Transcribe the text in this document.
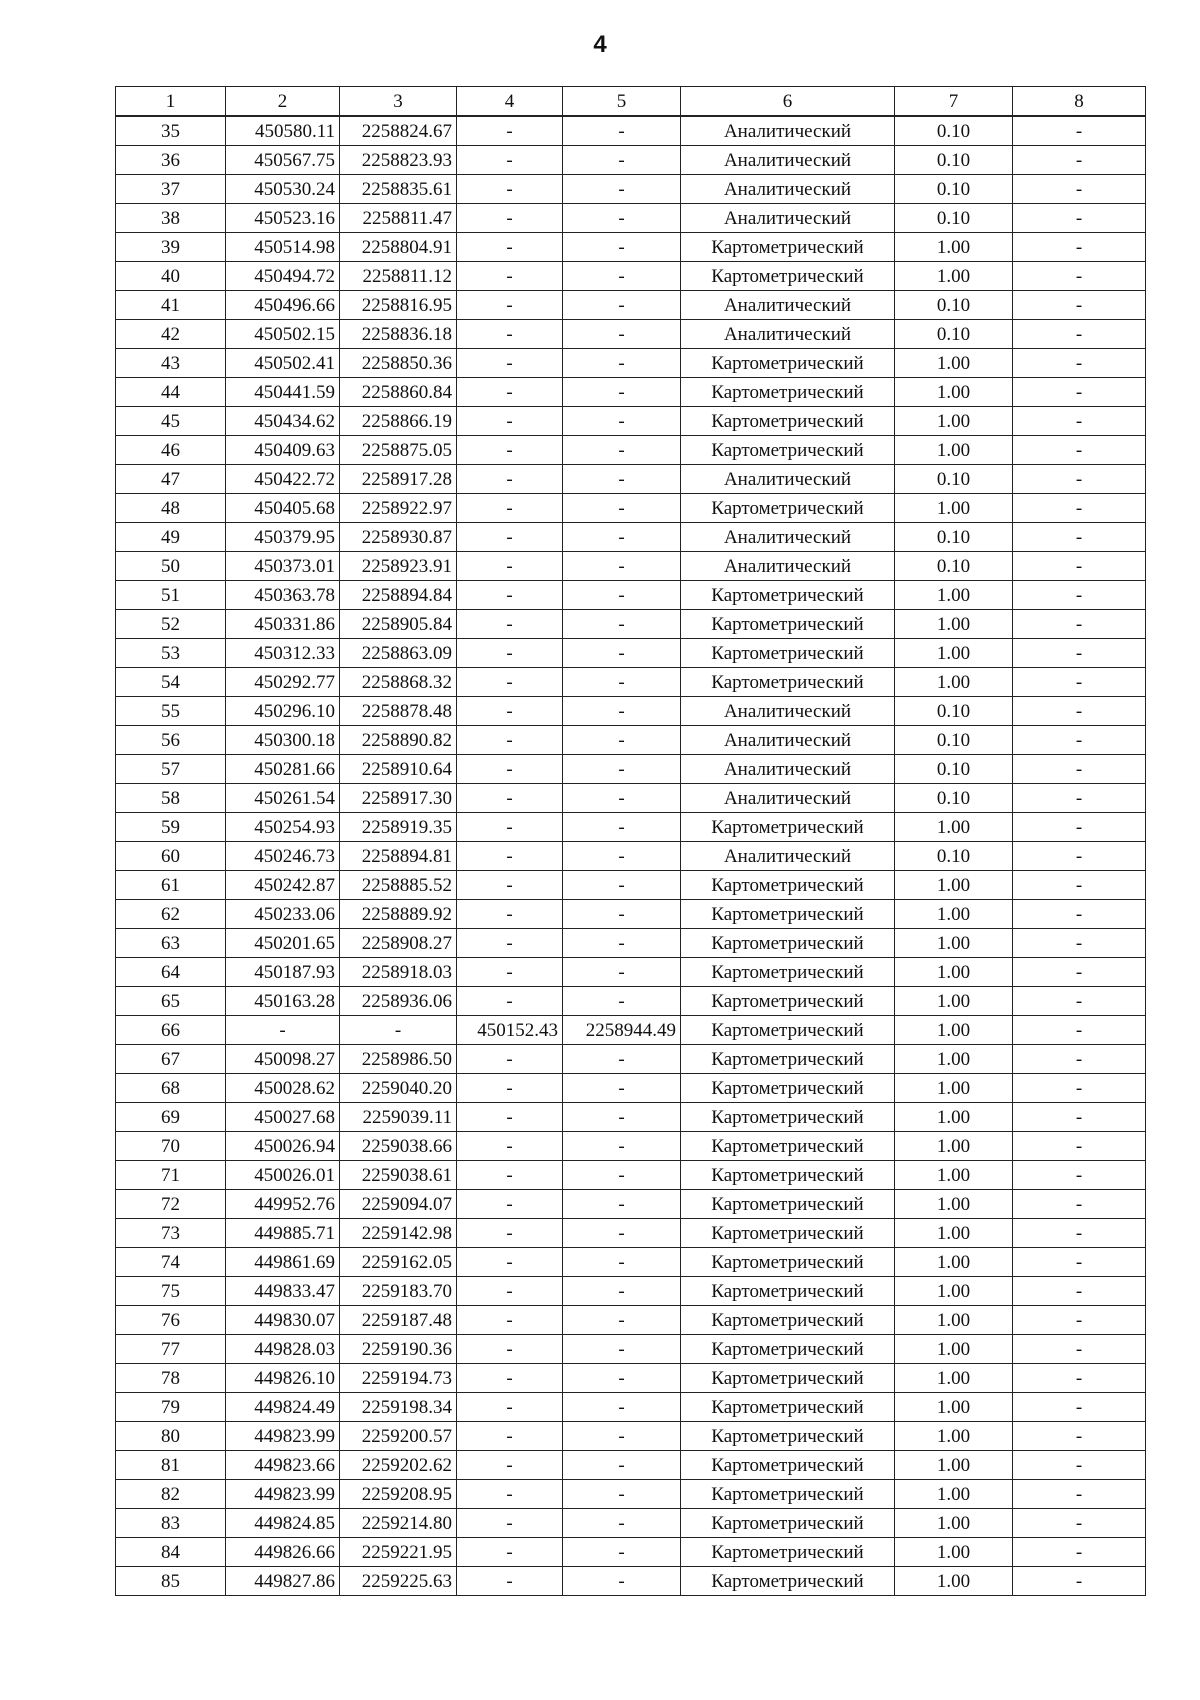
4
1	2	3	4	5	6	7	8
35	450580.11	2258824.67	-	-	Аналитический	0.10	-
36	450567.75	2258823.93	-	-	Аналитический	0.10	-
37	450530.24	2258835.61	-	-	Аналитический	0.10	-
38	450523.16	2258811.47	-	-	Аналитический	0.10	-
39	450514.98	2258804.91	-	-	Картометрический	1.00	-
40	450494.72	2258811.12	-	-	Картометрический	1.00	-
41	450496.66	2258816.95	-	-	Аналитический	0.10	-
42	450502.15	2258836.18	-	-	Аналитический	0.10	-
43	450502.41	2258850.36	-	-	Картометрический	1.00	-
44	450441.59	2258860.84	-	-	Картометрический	1.00	-
45	450434.62	2258866.19	-	-	Картометрический	1.00	-
46	450409.63	2258875.05	-	-	Картометрический	1.00	-
47	450422.72	2258917.28	-	-	Аналитический	0.10	-
48	450405.68	2258922.97	-	-	Картометрический	1.00	-
49	450379.95	2258930.87	-	-	Аналитический	0.10	-
50	450373.01	2258923.91	-	-	Аналитический	0.10	-
51	450363.78	2258894.84	-	-	Картометрический	1.00	-
52	450331.86	2258905.84	-	-	Картометрический	1.00	-
53	450312.33	2258863.09	-	-	Картометрический	1.00	-
54	450292.77	2258868.32	-	-	Картометрический	1.00	-
55	450296.10	2258878.48	-	-	Аналитический	0.10	-
56	450300.18	2258890.82	-	-	Аналитический	0.10	-
57	450281.66	2258910.64	-	-	Аналитический	0.10	-
58	450261.54	2258917.30	-	-	Аналитический	0.10	-
59	450254.93	2258919.35	-	-	Картометрический	1.00	-
60	450246.73	2258894.81	-	-	Аналитический	0.10	-
61	450242.87	2258885.52	-	-	Картометрический	1.00	-
62	450233.06	2258889.92	-	-	Картометрический	1.00	-
63	450201.65	2258908.27	-	-	Картометрический	1.00	-
64	450187.93	2258918.03	-	-	Картометрический	1.00	-
65	450163.28	2258936.06	-	-	Картометрический	1.00	-
66	-	-	450152.43	2258944.49	Картометрический	1.00	-
67	450098.27	2258986.50	-	-	Картометрический	1.00	-
68	450028.62	2259040.20	-	-	Картометрический	1.00	-
69	450027.68	2259039.11	-	-	Картометрический	1.00	-
70	450026.94	2259038.66	-	-	Картометрический	1.00	-
71	450026.01	2259038.61	-	-	Картометрический	1.00	-
72	449952.76	2259094.07	-	-	Картометрический	1.00	-
73	449885.71	2259142.98	-	-	Картометрический	1.00	-
74	449861.69	2259162.05	-	-	Картометрический	1.00	-
75	449833.47	2259183.70	-	-	Картометрический	1.00	-
76	449830.07	2259187.48	-	-	Картометрический	1.00	-
77	449828.03	2259190.36	-	-	Картометрический	1.00	-
78	449826.10	2259194.73	-	-	Картометрический	1.00	-
79	449824.49	2259198.34	-	-	Картометрический	1.00	-
80	449823.99	2259200.57	-	-	Картометрический	1.00	-
81	449823.66	2259202.62	-	-	Картометрический	1.00	-
82	449823.99	2259208.95	-	-	Картометрический	1.00	-
83	449824.85	2259214.80	-	-	Картометрический	1.00	-
84	449826.66	2259221.95	-	-	Картометрический	1.00	-
85	449827.86	2259225.63	-	-	Картометрический	1.00	-
